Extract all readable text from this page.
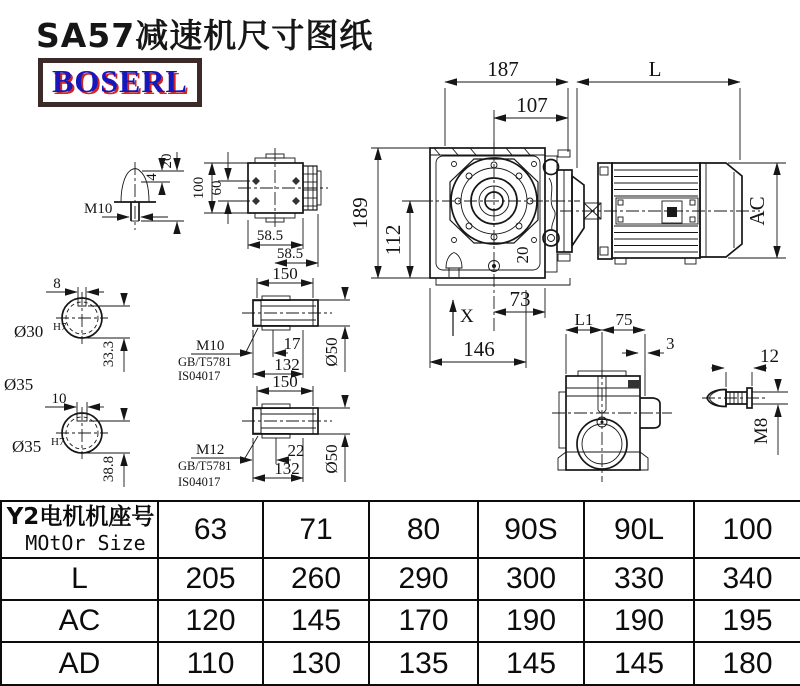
SA57减速机尺寸图纸
BOSERL
M10
4
20
100 60
58.5
58.5
8
Ø30 H7
33.3
Ø35
10
Ø35 H7
38.8
150
17
132 Ø50
M10
GB/T5781
IS04017	150
22
132 Ø50
M12
GB/T5781
IS04017
187	L
107
189
112	20
AC
73
146
X	L1 75
3
12
M8
Y2电机机座号
MOtOr Size	63	71	80	90S	90L	100
L	205	260	290	300	330	340
AC	120	145	170	190	190	195
AD	110	130	135	145	145	180
